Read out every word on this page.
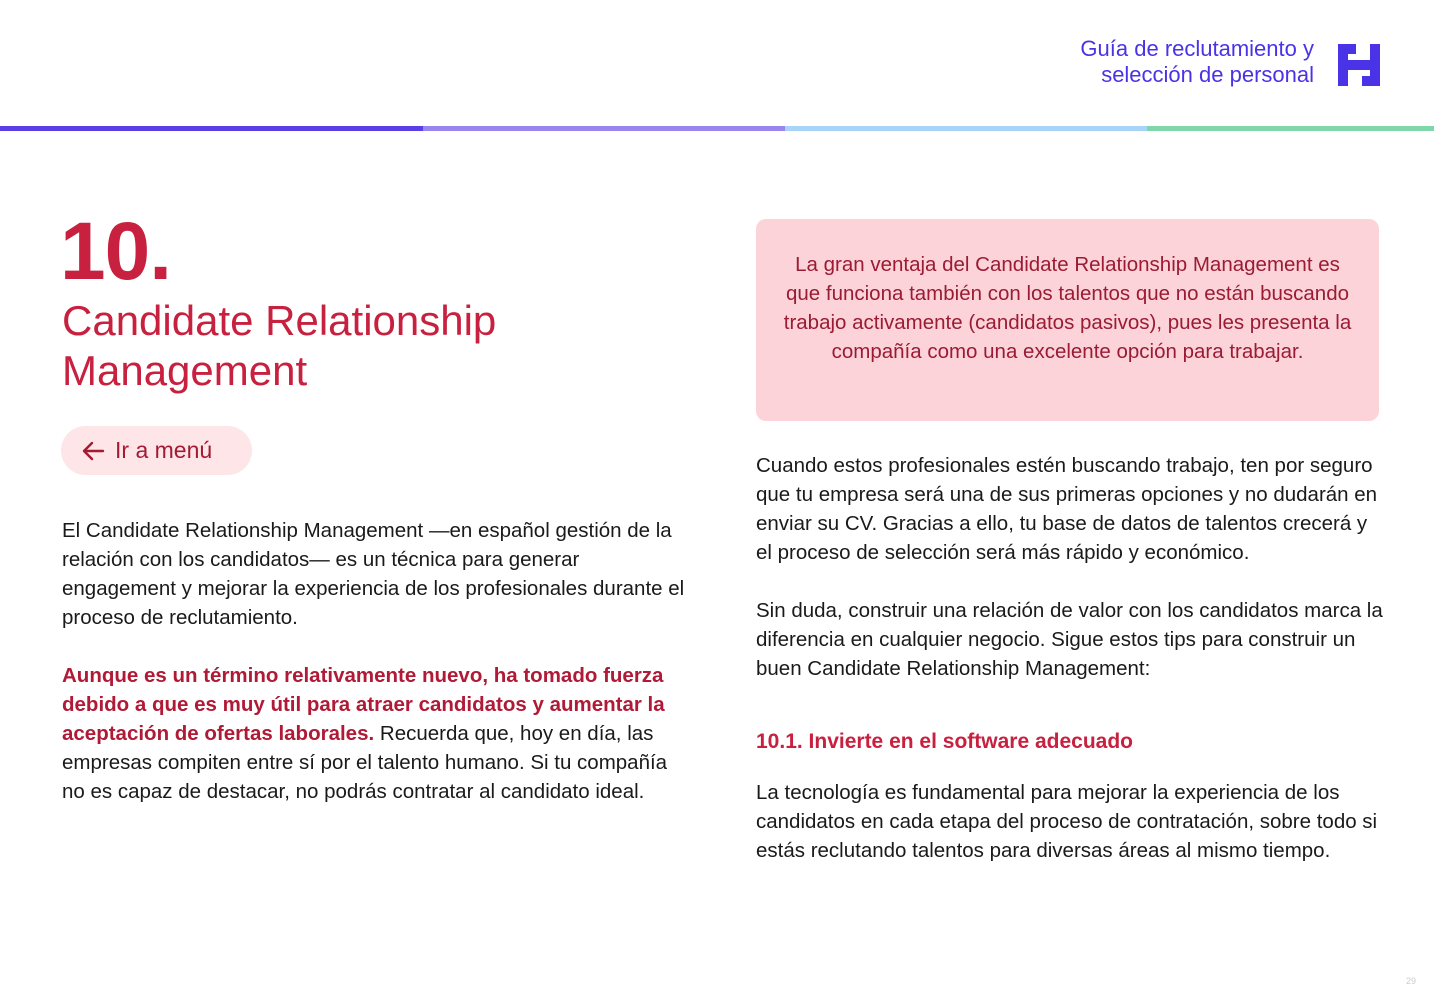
Guía de reclutamiento y
selección de personal
10.
Candidate Relationship Management
Ir a menú

El Candidate Relationship Management —en español gestión de la relación con los candidatos— es un técnica para generar engagement y mejorar la experiencia de los profesionales durante el proceso de reclutamiento.

Aunque es un término relativamente nuevo, ha tomado fuerza debido a que es muy útil para atraer candidatos y aumentar la aceptación de ofertas laborales. Recuerda que, hoy en día, las empresas compiten entre sí por el talento humano. Si tu compañía no es capaz de destacar, no podrás contratar al candidato ideal.

La gran ventaja del Candidate Relationship Management es que funciona también con los talentos que no están buscando trabajo activamente (candidatos pasivos), pues les presenta la compañía como una excelente opción para trabajar.

Cuando estos profesionales estén buscando trabajo, ten por seguro que tu empresa será una de sus primeras opciones y no dudarán en enviar su CV. Gracias a ello, tu base de datos de talentos crecerá y el proceso de selección será más rápido y económico.

Sin duda, construir una relación de valor con los candidatos marca la diferencia en cualquier negocio. Sigue estos tips para construir un buen Candidate Relationship Management:

10.1. Invierte en el software adecuado

La tecnología es fundamental para mejorar la experiencia de los candidatos en cada etapa del proceso de contratación, sobre todo si estás reclutando talentos para diversas áreas al mismo tiempo.

29
